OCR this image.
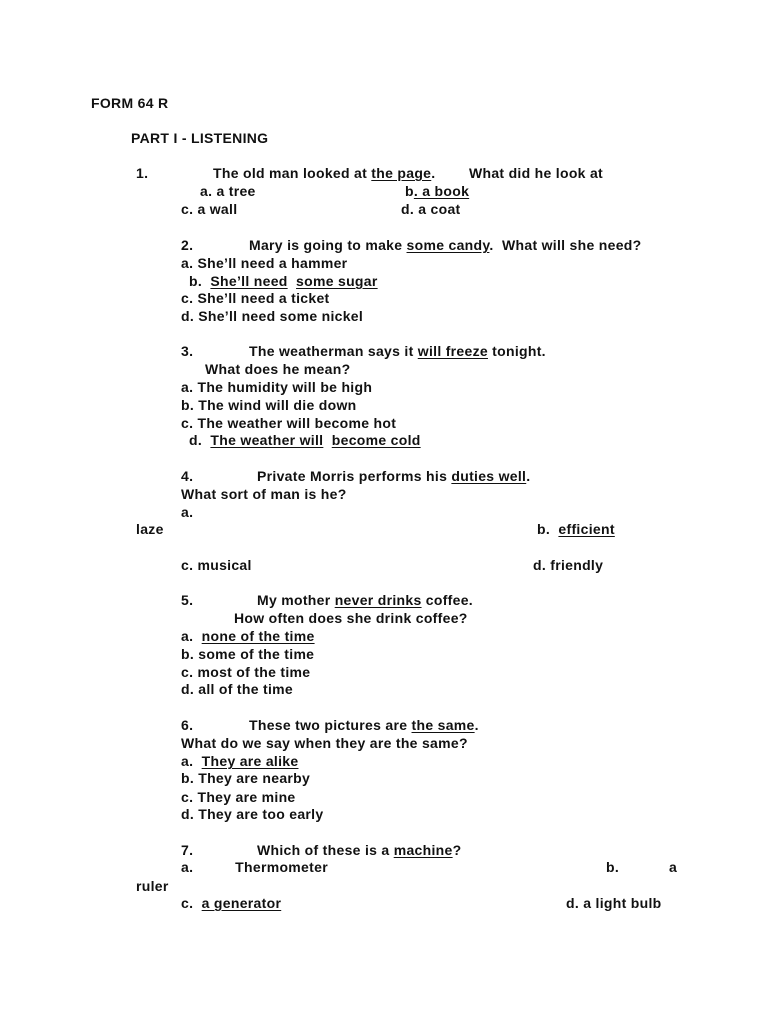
FORM 64 R
PART I - LISTENING
1.	The old man looked at the page.        What did he look at
a. a tree	b. a book
c. a wall	d. a coat
2.	Mary is going to make some candy.  What will she need?
a. She’ll need a hammer
b.  She’ll need some sugar
c. She’ll need a ticket
d. She’ll need some nickel
3.	The weatherman says it will freeze tonight.
What does he mean?
a. The humidity will be high
b. The wind will die down
c. The weather will become hot
d.  The weather will become cold
4.	Private Morris performs his duties well.
What sort of man is he?
a.
laze	b.  efficient
c. musical	d. friendly
5.	My mother never drinks coffee.
How often does she drink coffee?
a.  none of the time
b. some of the time
c. most of the time
d. all of the time
6.	These two pictures are the same.
What do we say when they are the same?
a.  They are alike
b. They are nearby
c. They are mine
d. They are too early
7.	Which of these is a machine?
a.          Thermometer	b.	a
ruler
c.  a generator	d. a light bulb
